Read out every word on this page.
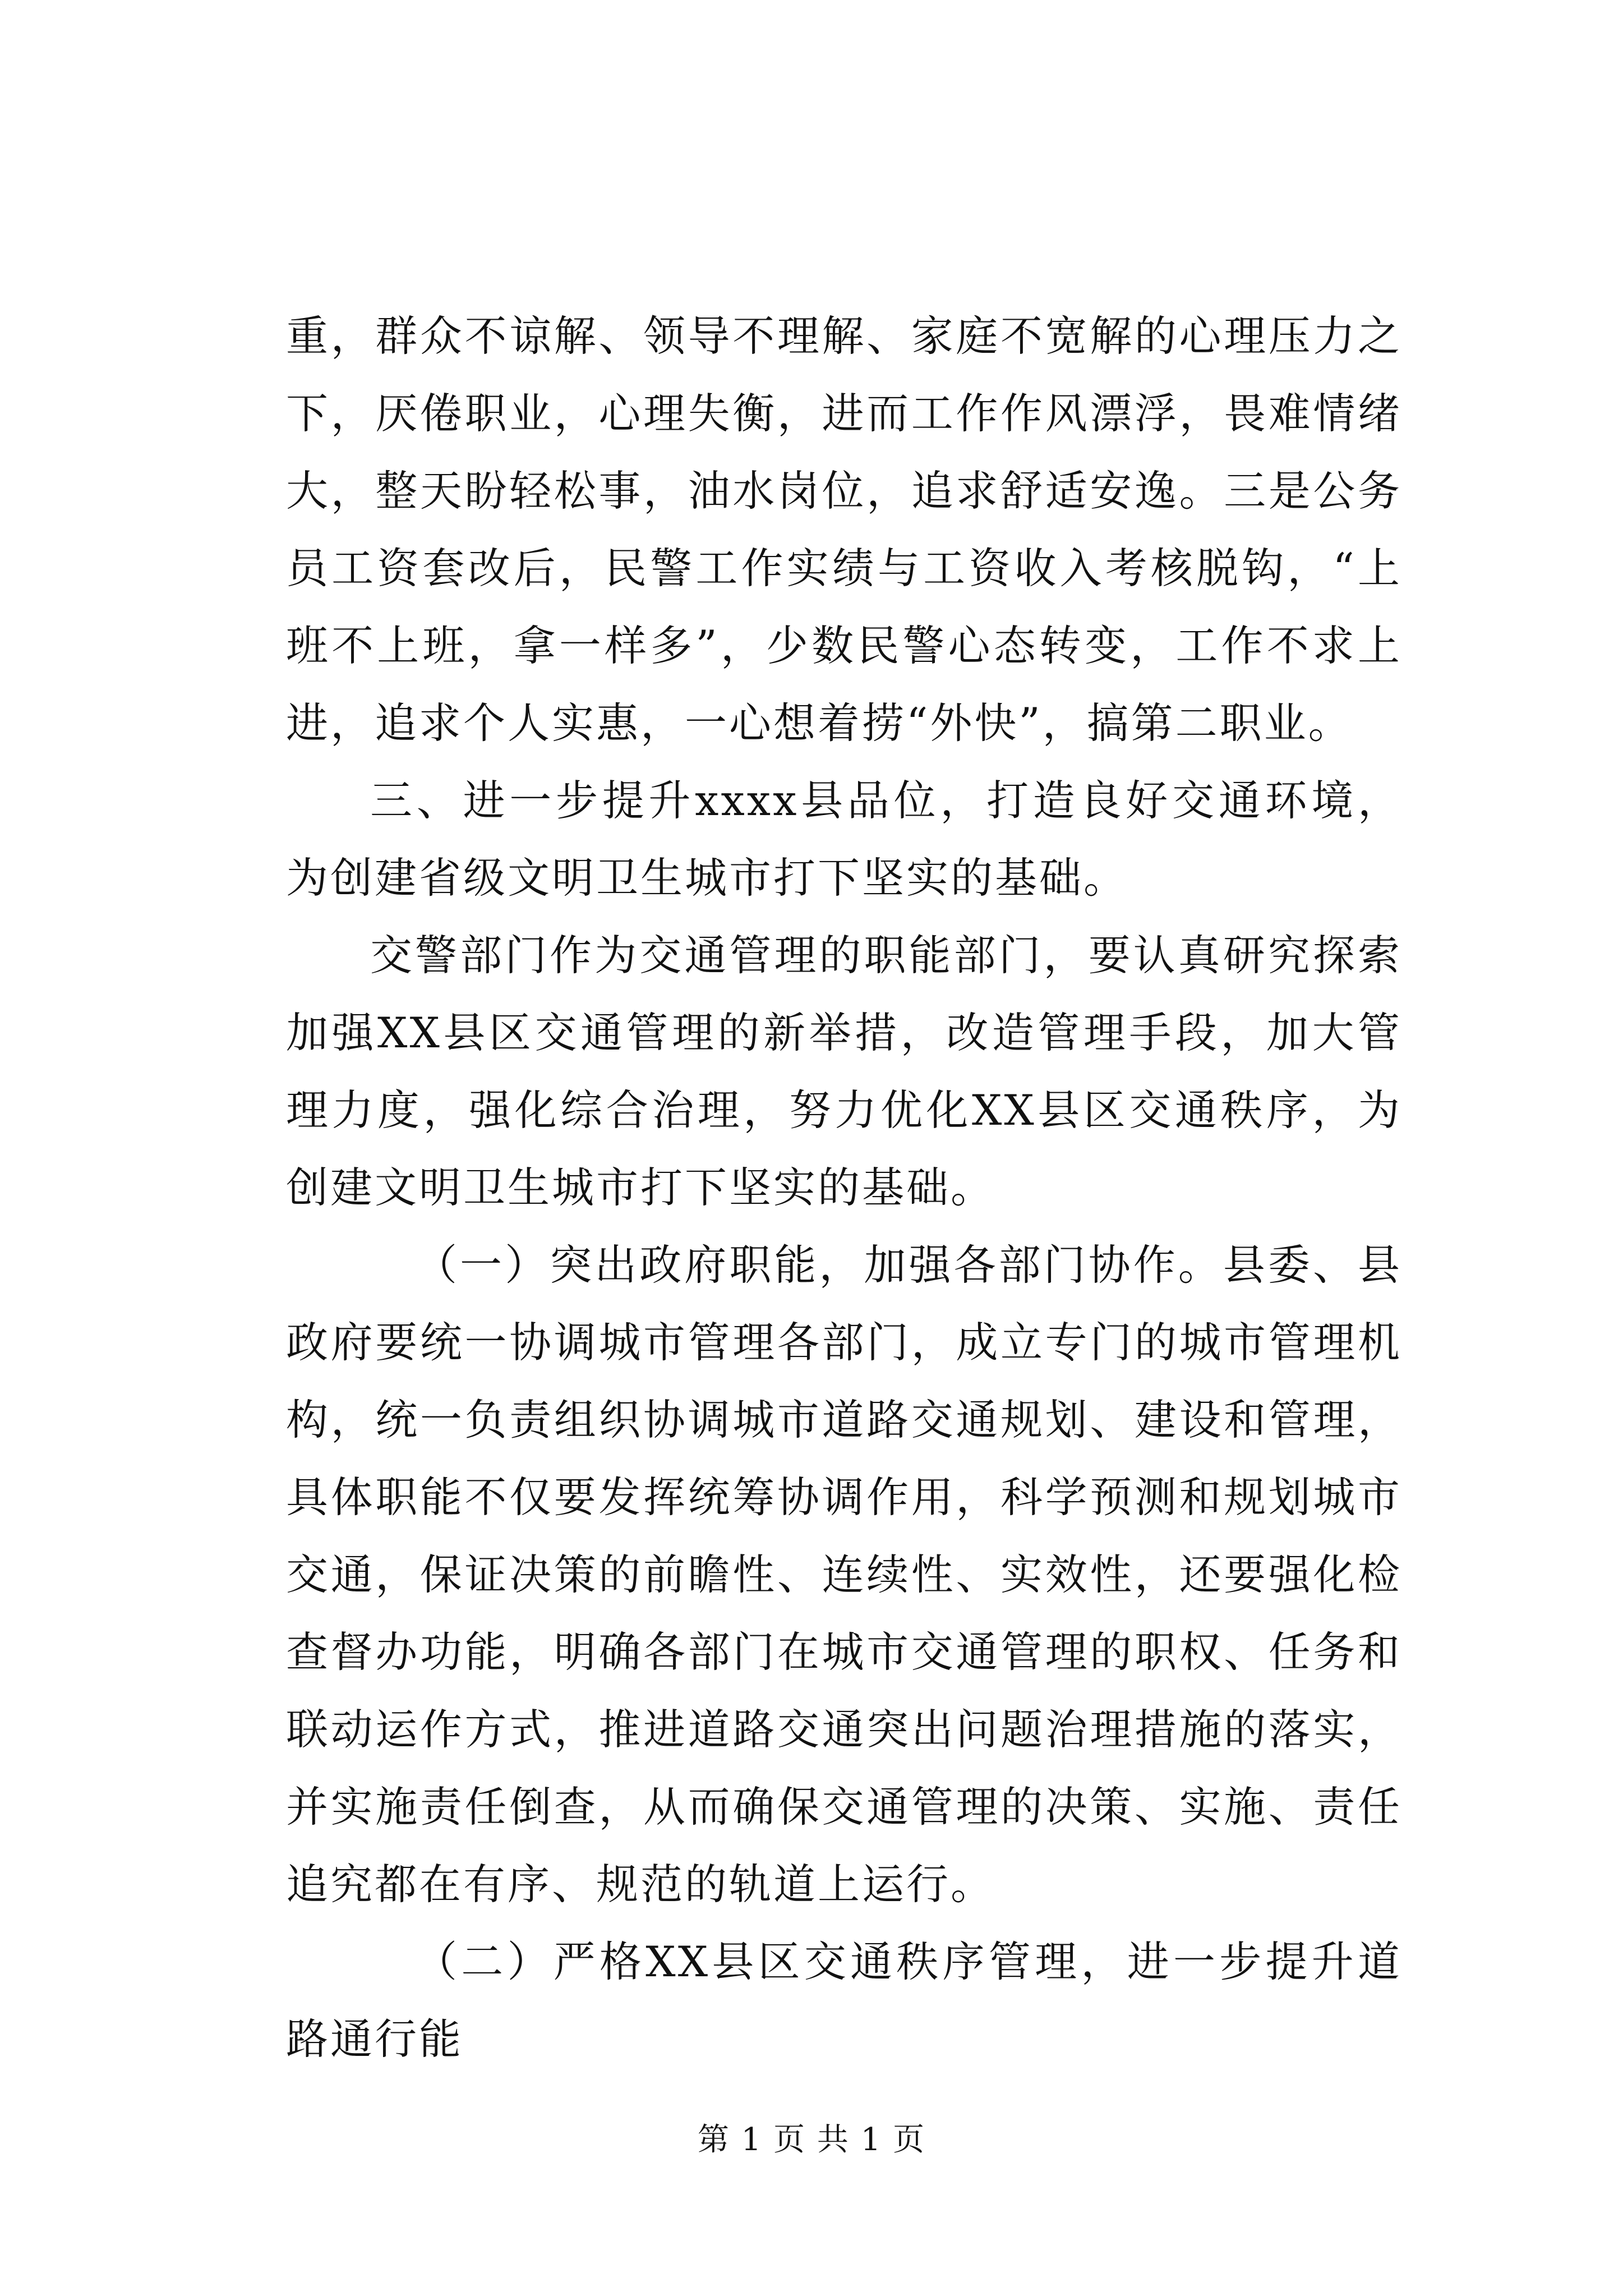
重，群众不谅解、领导不理解、家庭不宽解的心理压力之下，厌倦职业，心理失衡，进而工作作风漂浮，畏难情绪大，整天盼轻松事，油水岗位，追求舒适安逸。三是公务员工资套改后，民警工作实绩与工资收入考核脱钩，“上班不上班，拿一样多”，少数民警心态转变，工作不求上进，追求个人实惠，一心想着捞“外快”，搞第二职业。

三、进一步提升xxxx县品位，打造良好交通环境，为创建省级文明卫生城市打下坚实的基础。

交警部门作为交通管理的职能部门，要认真研究探索加强XX县区交通管理的新举措，改造管理手段，加大管理力度，强化综合治理，努力优化XX县区交通秩序，为创建文明卫生城市打下坚实的基础。

（一）突出政府职能，加强各部门协作。县委、县政府要统一协调城市管理各部门，成立专门的城市管理机构，统一负责组织协调城市道路交通规划、建设和管理，具体职能不仅要发挥统筹协调作用，科学预测和规划城市交通，保证决策的前瞻性、连续性、实效性，还要强化检查督办功能，明确各部门在城市交通管理的职权、任务和联动运作方式，推进道路交通突出问题治理措施的落实，并实施责任倒查，从而确保交通管理的决策、实施、责任追究都在有序、规范的轨道上运行。

（二）严格XX县区交通秩序管理，进一步提升道路通行能

第 1 页 共 1 页
